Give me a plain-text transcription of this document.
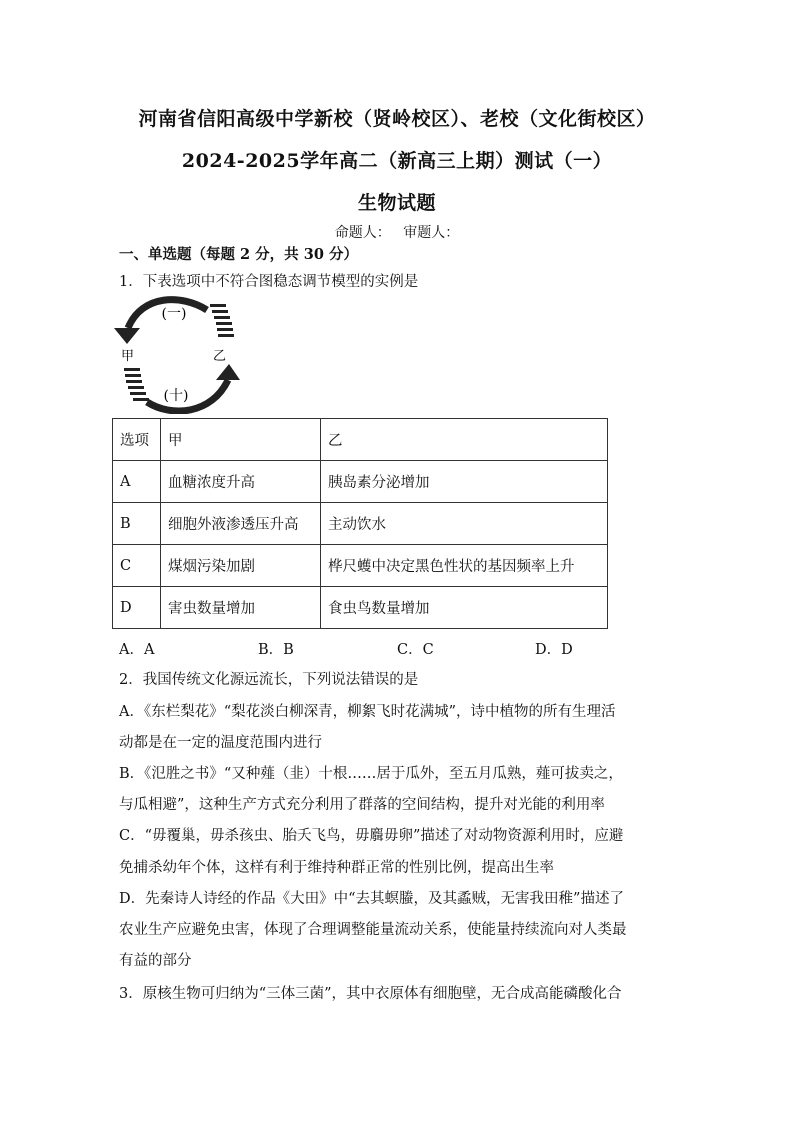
河南省信阳高级中学新校（贤岭校区）、老校（文化街校区）
2024-2025学年高二（新高三上期）测试（一）
生物试题
命题人： 审题人：
一、单选题（每题 2 分，共 30 分）
1．下表选项中不符合图稳态调节模型的实例是
(一)
(十)
甲	乙
选项	甲	乙
A	血糖浓度升高	胰岛素分泌增加
B	细胞外液渗透压升高	主动饮水
C	煤烟污染加剧	桦尺蠖中决定黑色性状的基因频率上升
D	害虫数量增加	食虫鸟数量增加
A．A	B．B	C．C	D．D
2．我国传统文化源远流长，下列说法错误的是
A．《东栏梨花》“梨花淡白柳深青，柳絮飞时花满城”，诗中植物的所有生理活
动都是在一定的温度范围内进行
B．《氾胜之书》“又种薤（韭）十根……居于瓜外，至五月瓜熟，薤可拔卖之，
与瓜相避”，这种生产方式充分利用了群落的空间结构，提升对光能的利用率
C．“毋覆巢，毋杀孩虫、胎夭飞鸟，毋麛毋卵”描述了对动物资源利用时，应避
免捕杀幼年个体，这样有利于维持种群正常的性别比例，提高出生率
D．先秦诗人诗经的作品《大田》中“去其螟螣，及其蟊贼，无害我田稚”描述了
农业生产应避免虫害，体现了合理调整能量流动关系，使能量持续流向对人类最
有益的部分
3．原核生物可归纳为“三体三菌”，其中衣原体有细胞壁，无合成高能磷酸化合
